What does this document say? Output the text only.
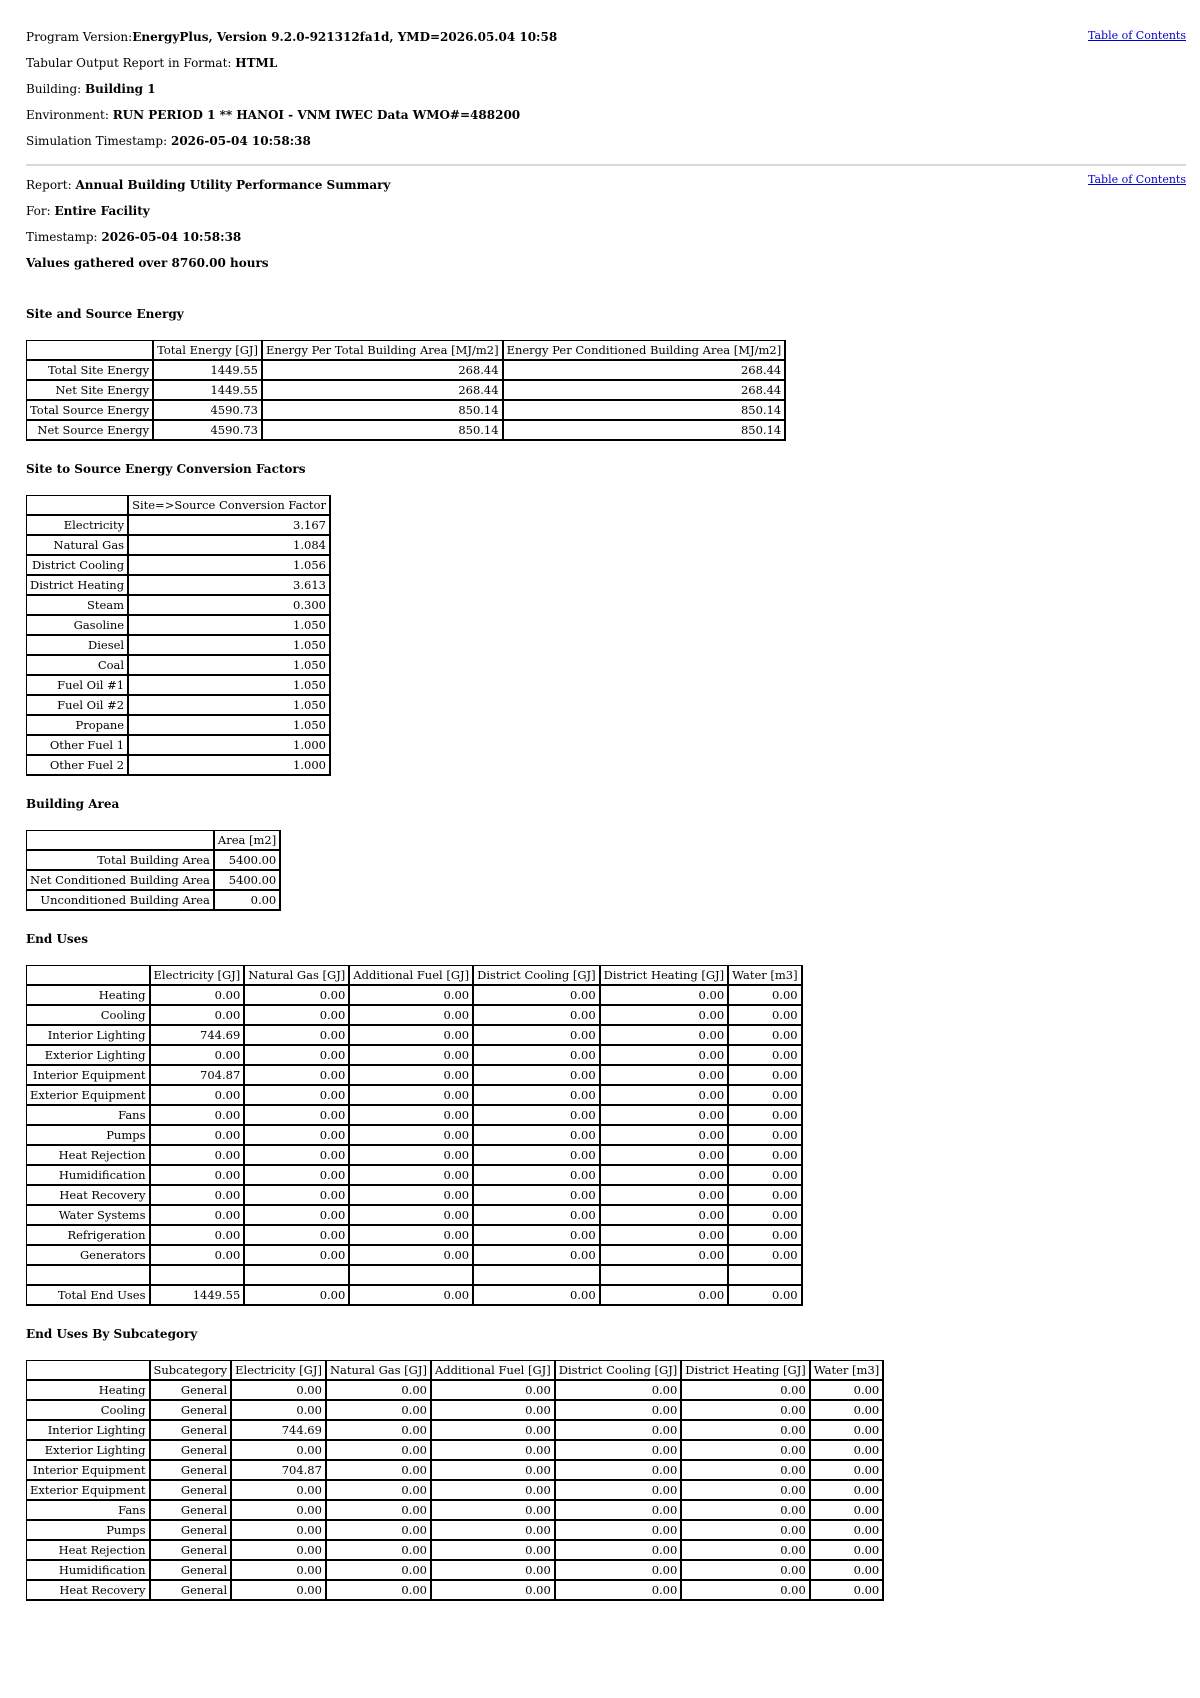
Table of Contents
Table of Contents
Program Version:EnergyPlus, Version 9.2.0-921312fa1d, YMD=2026.05.04 10:58
Tabular Output Report in Format: HTML
Building: Building 1
Environment: RUN PERIOD 1 ** HANOI - VNM IWEC Data WMO#=488200
Simulation Timestamp: 2026-05-04 10:58:38
Report: Annual Building Utility Performance Summary
For: Entire Facility
Timestamp: 2026-05-04 10:58:38
Values gathered over 8760.00 hours
Site and Source Energy
	Total Energy [GJ]	Energy Per Total Building Area [MJ/m2]	Energy Per Conditioned Building Area [MJ/m2]
Total Site Energy	1449.55	268.44	268.44
Net Site Energy	1449.55	268.44	268.44
Total Source Energy	4590.73	850.14	850.14
Net Source Energy	4590.73	850.14	850.14
Site to Source Energy Conversion Factors
	Site=>Source Conversion Factor
Electricity	3.167
Natural Gas	1.084
District Cooling	1.056
District Heating	3.613
Steam	0.300
Gasoline	1.050
Diesel	1.050
Coal	1.050
Fuel Oil #1	1.050
Fuel Oil #2	1.050
Propane	1.050
Other Fuel 1	1.000
Other Fuel 2	1.000
Building Area
	Area [m2]
Total Building Area	5400.00
Net Conditioned Building Area	5400.00
Unconditioned Building Area	0.00
End Uses
	Electricity [GJ]	Natural Gas [GJ]	Additional Fuel [GJ]	District Cooling [GJ]	District Heating [GJ]	Water [m3]
Heating	0.00	0.00	0.00	0.00	0.00	0.00
Cooling	0.00	0.00	0.00	0.00	0.00	0.00
Interior Lighting	744.69	0.00	0.00	0.00	0.00	0.00
Exterior Lighting	0.00	0.00	0.00	0.00	0.00	0.00
Interior Equipment	704.87	0.00	0.00	0.00	0.00	0.00
Exterior Equipment	0.00	0.00	0.00	0.00	0.00	0.00
Fans	0.00	0.00	0.00	0.00	0.00	0.00
Pumps	0.00	0.00	0.00	0.00	0.00	0.00
Heat Rejection	0.00	0.00	0.00	0.00	0.00	0.00
Humidification	0.00	0.00	0.00	0.00	0.00	0.00
Heat Recovery	0.00	0.00	0.00	0.00	0.00	0.00
Water Systems	0.00	0.00	0.00	0.00	0.00	0.00
Refrigeration	0.00	0.00	0.00	0.00	0.00	0.00
Generators	0.00	0.00	0.00	0.00	0.00	0.00

Total End Uses	1449.55	0.00	0.00	0.00	0.00	0.00
End Uses By Subcategory
	Subcategory	Electricity [GJ]	Natural Gas [GJ]	Additional Fuel [GJ]	District Cooling [GJ]	District Heating [GJ]	Water [m3]
Heating	General	0.00	0.00	0.00	0.00	0.00	0.00
Cooling	General	0.00	0.00	0.00	0.00	0.00	0.00
Interior Lighting	General	744.69	0.00	0.00	0.00	0.00	0.00
Exterior Lighting	General	0.00	0.00	0.00	0.00	0.00	0.00
Interior Equipment	General	704.87	0.00	0.00	0.00	0.00	0.00
Exterior Equipment	General	0.00	0.00	0.00	0.00	0.00	0.00
Fans	General	0.00	0.00	0.00	0.00	0.00	0.00
Pumps	General	0.00	0.00	0.00	0.00	0.00	0.00
Heat Rejection	General	0.00	0.00	0.00	0.00	0.00	0.00
Humidification	General	0.00	0.00	0.00	0.00	0.00	0.00
Heat Recovery	General	0.00	0.00	0.00	0.00	0.00	0.00
